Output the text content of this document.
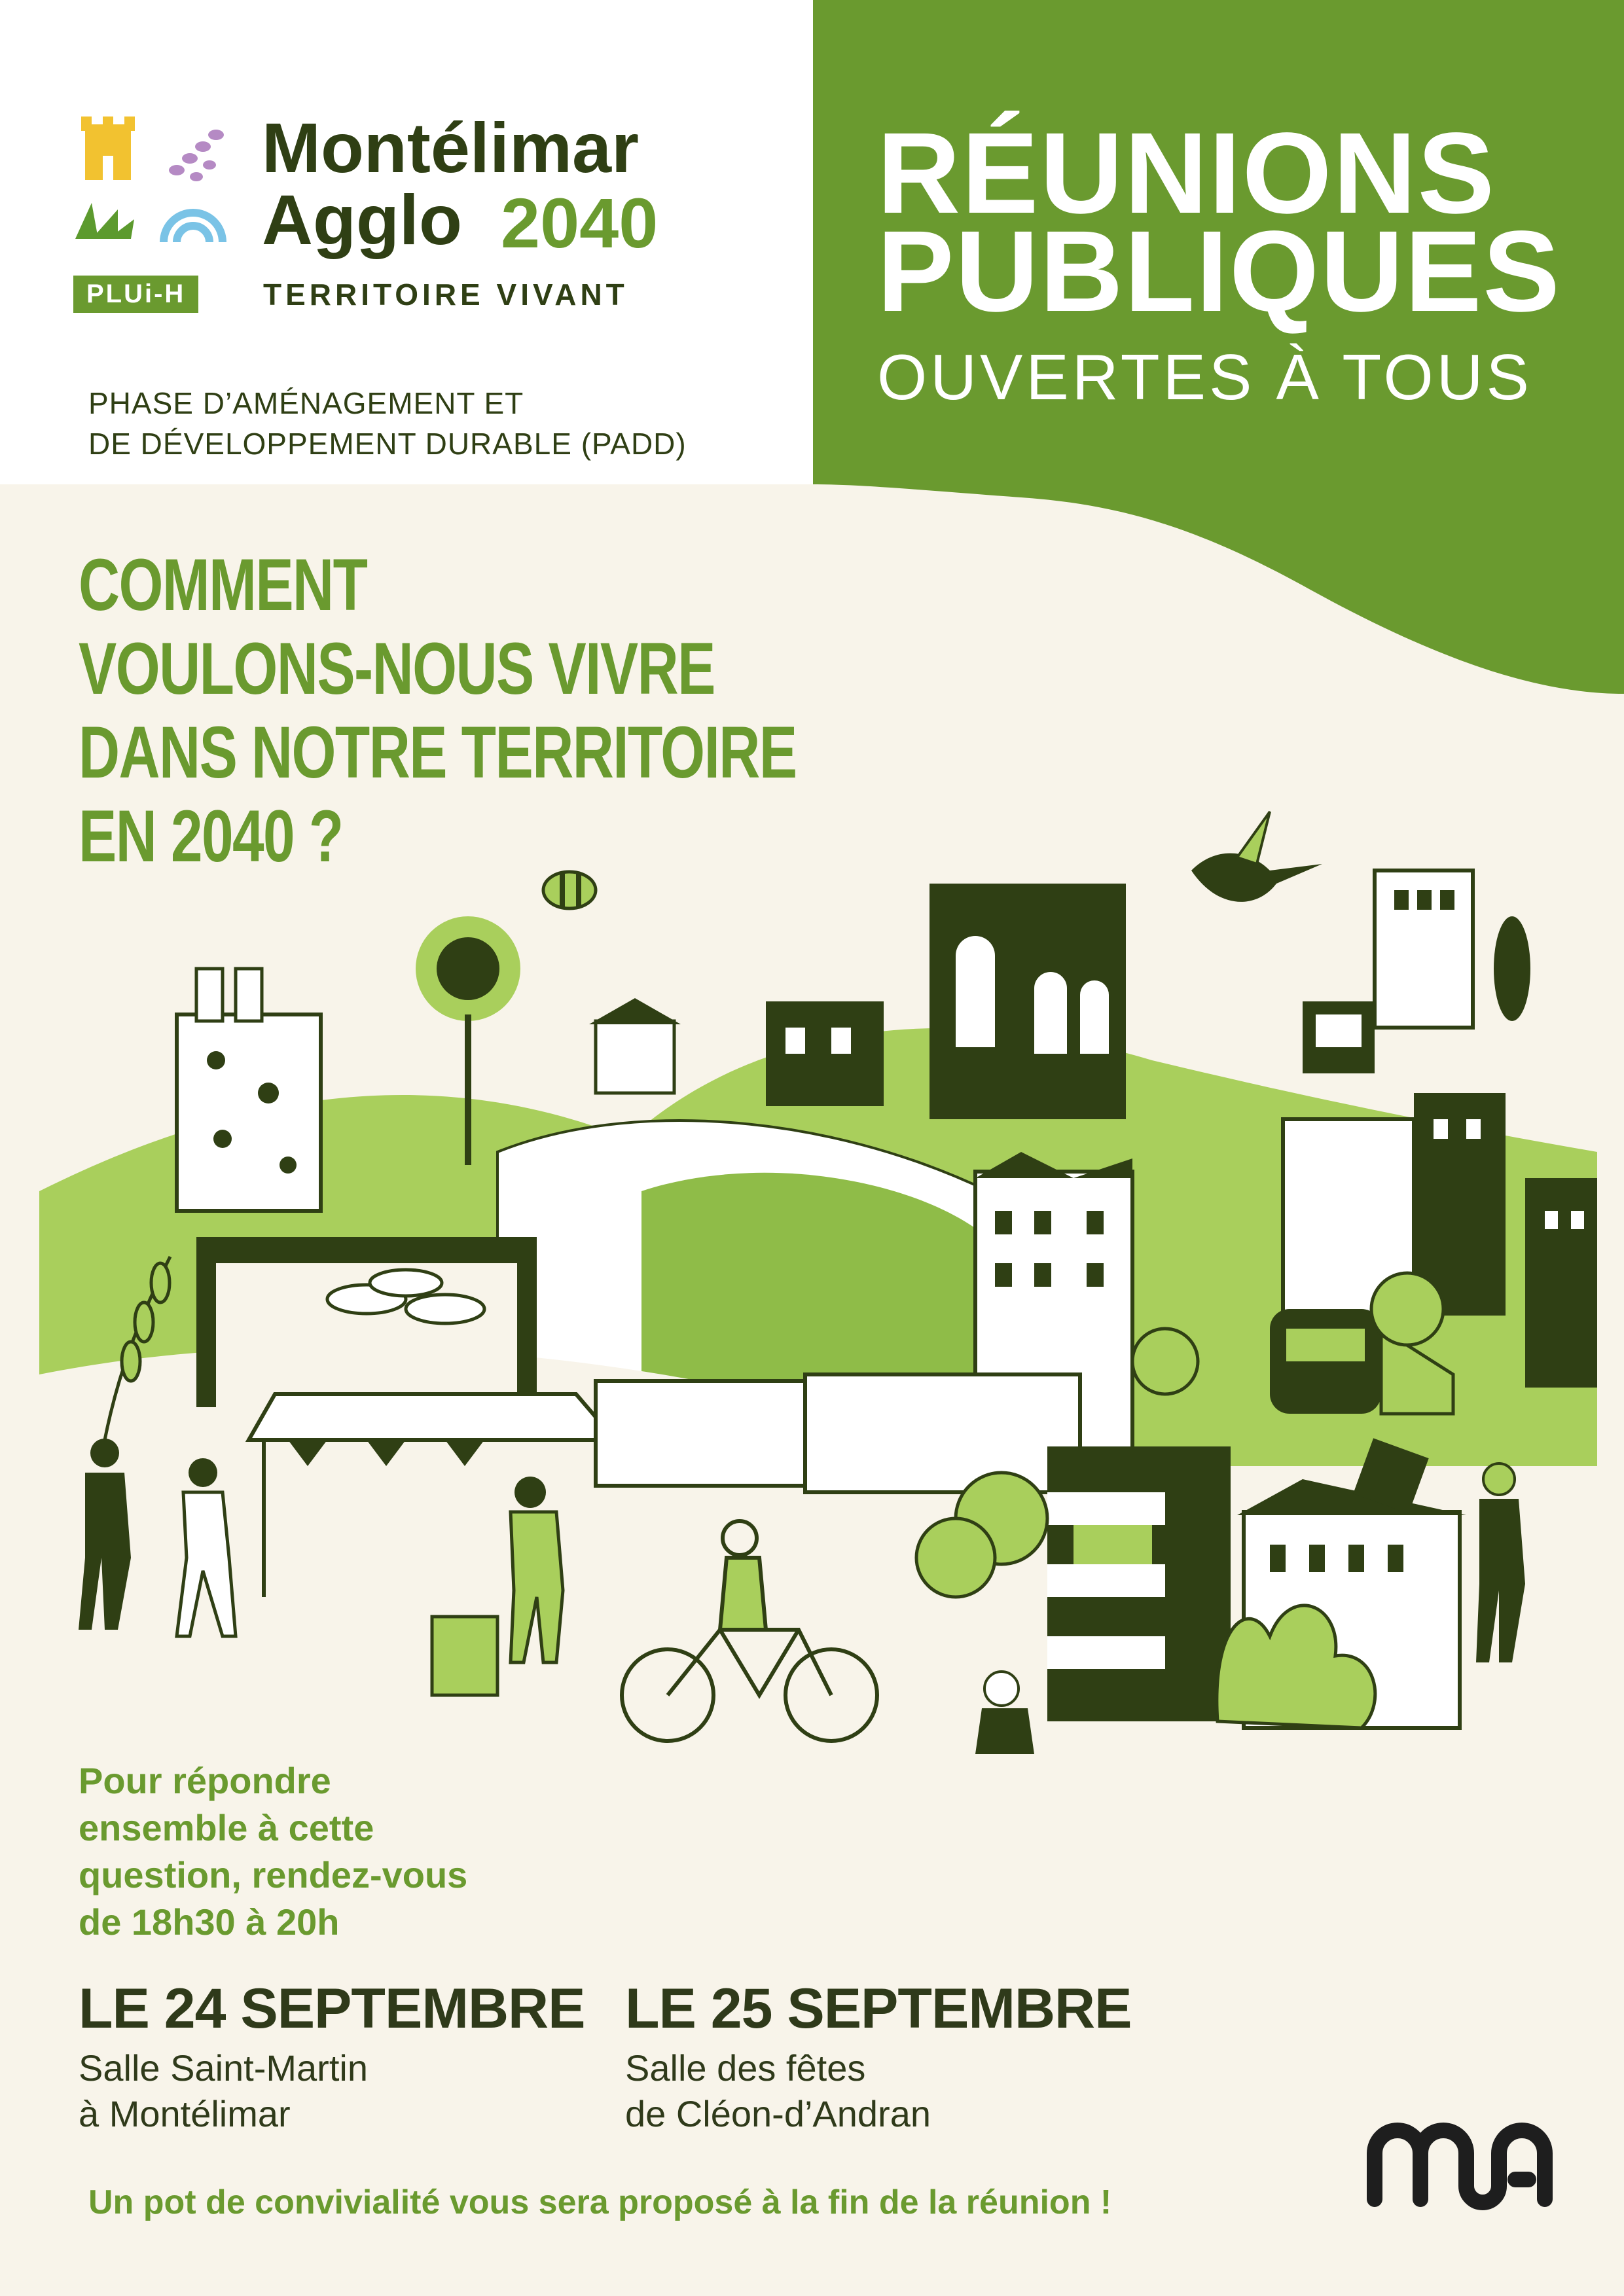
Montélimar
Agglo 2040
PLUi-H	TERRITOIRE VIVANT
PHASE D’AMÉNAGEMENT ET
DE DÉVELOPPEMENT DURABLE (PADD)
RÉUNIONS
PUBLIQUES
OUVERTES À TOUS
COMMENT
VOULONS-NOUS VIVRE
DANS NOTRE TERRITOIRE
EN 2040 ?
Pour répondre
ensemble à cette
question, rendez-vous
de 18h30 à 20h
LE 24 SEPTEMBRE
Salle Saint-Martin
à Montélimar
LE 25 SEPTEMBRE
Salle des fêtes
de Cléon-d’Andran
Un pot de convivialité vous sera proposé à la fin de la réunion !
